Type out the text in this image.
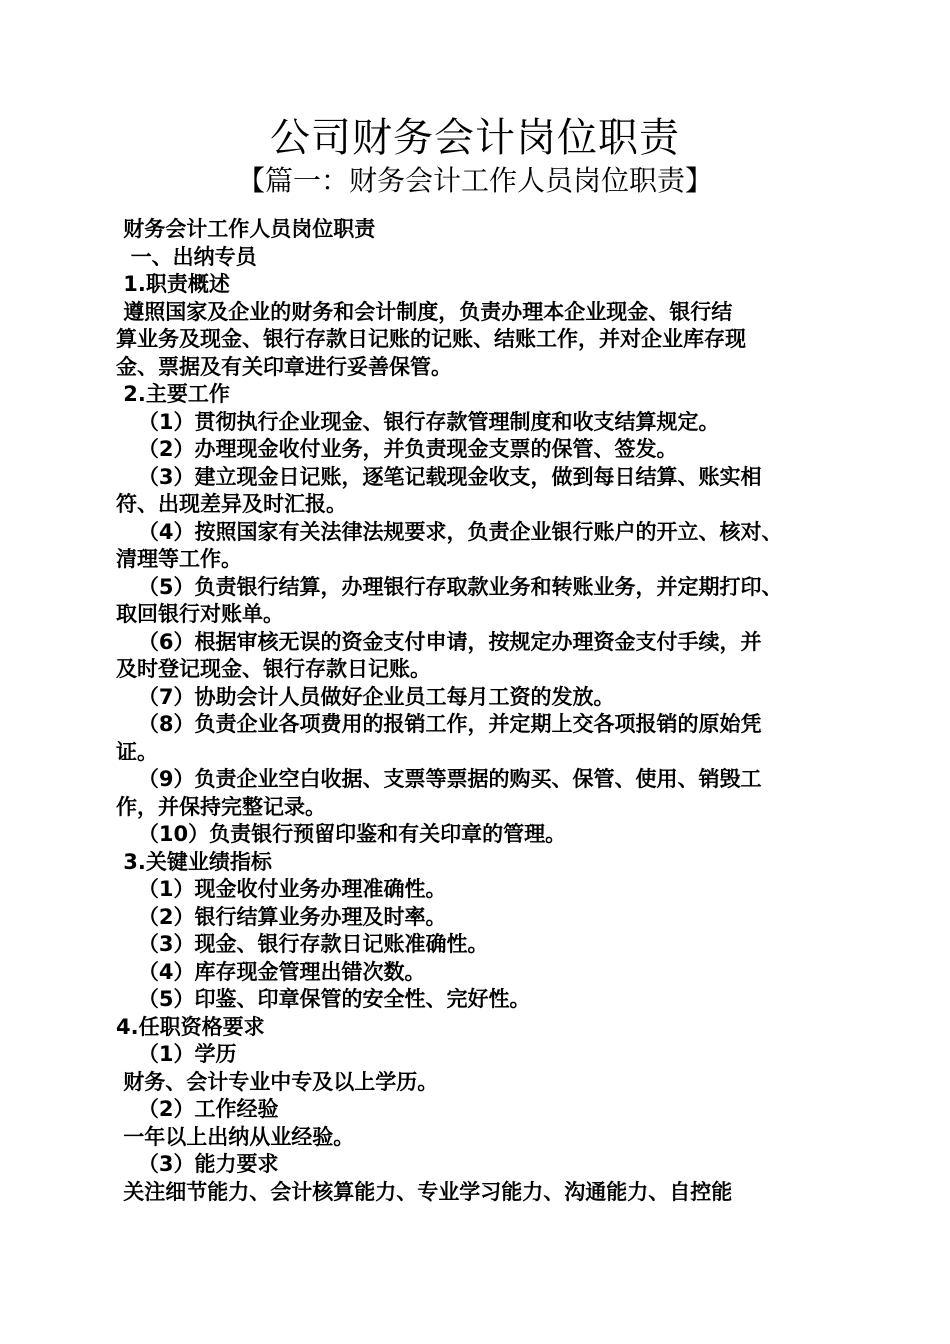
公司财务会计岗位职责
【篇一：财务会计工作人员岗位职责】
财务会计工作人员岗位职责
一、出纳专员
1.职责概述
遵照国家及企业的财务和会计制度，负责办理本企业现金、银行结
算业务及现金、银行存款日记账的记账、结账工作，并对企业库存现
金、票据及有关印章进行妥善保管。
2.主要工作
（1）贯彻执行企业现金、银行存款管理制度和收支结算规定。
（2）办理现金收付业务，并负责现金支票的保管、签发。
（3）建立现金日记账，逐笔记载现金收支，做到每日结算、账实相
符、出现差异及时汇报。
（4）按照国家有关法律法规要求，负责企业银行账户的开立、核对、
清理等工作。
（5）负责银行结算，办理银行存取款业务和转账业务，并定期打印、
取回银行对账单。
（6）根据审核无误的资金支付申请，按规定办理资金支付手续，并
及时登记现金、银行存款日记账。
（7）协助会计人员做好企业员工每月工资的发放。
（8）负责企业各项费用的报销工作，并定期上交各项报销的原始凭
证。
（9）负责企业空白收据、支票等票据的购买、保管、使用、销毁工
作，并保持完整记录。
（10）负责银行预留印鉴和有关印章的管理。
3.关键业绩指标
（1）现金收付业务办理准确性。
（2）银行结算业务办理及时率。
（3）现金、银行存款日记账准确性。
（4）库存现金管理出错次数。
（5）印鉴、印章保管的安全性、完好性。
4.任职资格要求
（1）学历
财务、会计专业中专及以上学历。
（2）工作经验
一年以上出纳从业经验。
（3）能力要求
关注细节能力、会计核算能力、专业学习能力、沟通能力、自控能
